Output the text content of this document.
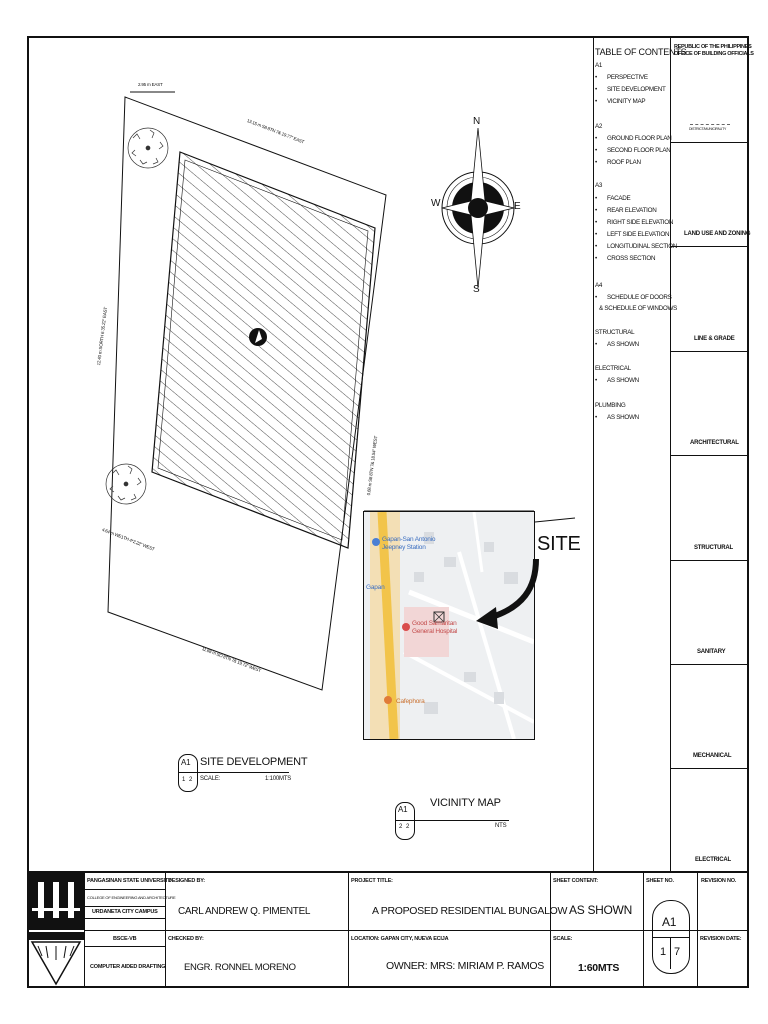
2.95 m EAST
13.15 m S8 8TN 7& 19.77" EAST
12.40 m SORTH 6 35.22" EAST
0.68 m S8 8TN 7& 18.54" WEST
4.64 m WE1TH 4*2.22" WEST
11.68 m SO 8TN 7& 19.72" WEST
N
S
E
W
Gapan-San Antonio Jeepney Station
Gapan
Good Samaritan General Hospital
Cafephora
SITE
A1
1 2
SITE DEVELOPMENT
SCALE:	1:100MTS
A1
2 2
VICINITY MAP
NTS
TABLE OF CONTENTS
A1
• PERSPECTIVE
• SITE DEVELOPMENT
• VICINITY MAP
A2
• GROUND FLOOR PLAN
• SECOND FLOOR PLAN
• ROOF PLAN
A3
• FACADE
• REAR ELEVATION
• RIGHT SIDE ELEVATION
• LEFT SIDE ELEVATION
• LONGITUDINAL SECTION
• CROSS SECTION
A4
• SCHEDULE OF DOORS
& SCHEDULE OF WINDOWS
STRUCTURAL
• AS SHOWN
ELECTRICAL
• AS SHOWN
PLUMBING
• AS SHOWN
REPUBLIC OF THE PHILIPPINES
OFFICE OF BUILDING OFFICIALS
DISTRICT/MUNICIPALITY
LAND USE AND ZONING
LINE & GRADE
ARCHITECTURAL
STRUCTURAL
SANITARY
MECHANICAL
ELECTRICAL
PANGASINAN STATE UNIVERSITY
COLLEGE OF ENGINEERING AND ARCHITECTURE
URDANETA CITY CAMPUS
BSCE-VB
COMPUTER AIDED DRAFTING
DESIGNED BY:
CARL ANDREW Q. PIMENTEL
CHECKED BY:
ENGR. RONNEL MORENO
PROJECT TITLE:
A PROPOSED RESIDENTIAL BUNGALOW
LOCATION: GAPAN CITY, NUEVA ECIJA
OWNER: MRS: MIRIAM P. RAMOS
SHEET CONTENT:
AS SHOWN
SCALE:
1:60MTS
SHEET NO.
A1
1 7
REVISION NO.
REVISION DATE:
